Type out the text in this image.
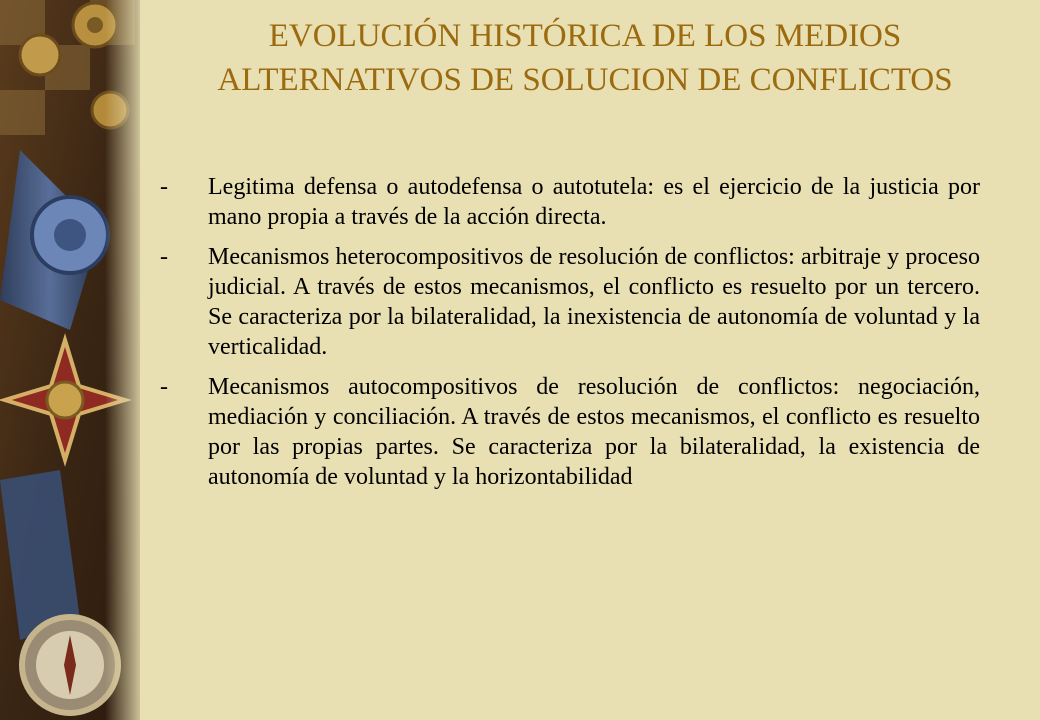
EVOLUCIÓN HISTÓRICA DE LOS MEDIOS ALTERNATIVOS DE SOLUCION DE CONFLICTOS
-	Legitima defensa o autodefensa o autotutela: es el ejercicio de la justicia por mano propia a través de la acción directa.
-	Mecanismos heterocompositivos de resolución de conflictos: arbitraje y proceso judicial. A través de estos mecanismos, el conflicto es resuelto por un tercero. Se caracteriza por la bilateralidad, la inexistencia de autonomía de voluntad y la verticalidad.
-	Mecanismos autocompositivos de resolución de conflictos: negociación, mediación y conciliación. A través de estos mecanismos, el conflicto es resuelto por las propias partes. Se caracteriza por la bilateralidad, la existencia de autonomía de voluntad y la horizontabilidad
